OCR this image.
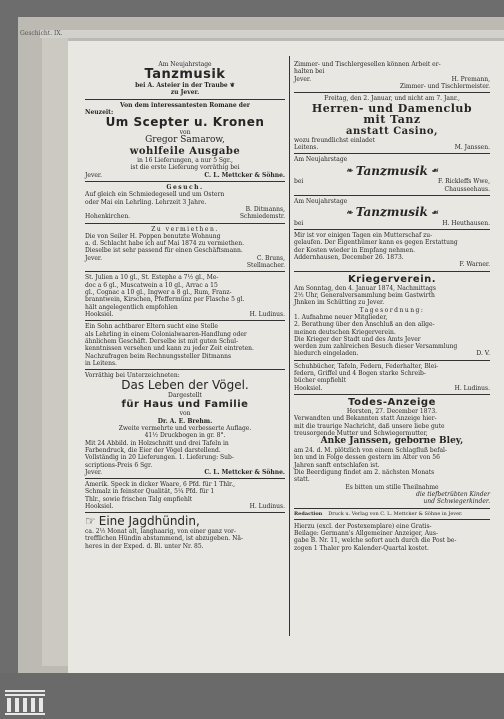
Geschicht. IX.

Am Neujahrstage

Tanzmusik

bei A. Asteier in der Traube ❦

zu Jever.

Von dem interessantesten Romane der

Neuzeit:

Um Scepter u. Kronen

von

Gregor Samarow,

wohlfeile Ausgabe

in 16 Lieferungen, a nur 5 Sgr.,

ist die erste Lieferung vorräthig bei

Jever.	C. L. Mettcker & Söhne.

Gesuch.

Auf gleich ein Schmiedegesell und um Ostern

oder Mai ein Lehrling. Lehrzeit 3 Jahre.

B. Ditmanns,

Hohenkirchen.	Schmiedemstr.

Zu vermiethen.

Die von Seiler H. Poppen benutzte Wohnung

a. d. Schlacht habe ich auf Mai 1874 zu vermiethen.

Dieselbe ist sehr passend für einen Geschäftsmann.

Jever.	C. Bruns,

Stellmacher.

St. Julien a 10 gl., St. Estephe a 7½ gl., Me-

doc a 6 gl., Muscatwein a 10 gl., Arrac a 15

gl., Cognac a 10 gl., Ingwer a 8 gl., Rum, Franz-

branntwein, Kirschen, Pfeffermünz per Flasche 5 gl.

hält angelegentlich empfohlen

Hooksiel.	H. Ludinus.

Ein Sohn achtbarer Eltern sucht eine Stelle

als Lehrling in einem Colonialwaaren-Handlung oder

ähnlichem Geschäft. Derselbe ist mit guten Schul-

kenntnissen versehen und kann zu jeder Zeit eintreten.

Nachzufragen beim Rechnungssteller Ditmanns

in Leitens.

Vorräthig bei Unterzeichneten:

Das Leben der Vögel.

Dargestellt

für Haus und Familie

von

Dr. A. E. Brehm.

Zweite vermehrte und verbesserte Auflage.

41½ Druckbogen in gr. 8°.

Mit 24 Abbild. in Holzschnitt und drei Tafeln in

Farbendruck, die Eier der Vögel darstellend.

Vollständig in 20 Lieferungen. 1. Lieferung: Sub-

scriptions-Preis 6 Sgr.

Jever.	C. L. Mettcker & Söhne.

Amerik. Speck in dicker Waare, 6 Pfd. für 1 Thlr.,

Schmalz in feinster Qualität, 5¼ Pfd. für 1

Thlr., sowie frischen Talg empfiehlt

Hooksiel.	H. Ludinus.

☞ Eine Jagdhündin,

ca. 2½ Monat alt, langhaarig, von einer ganz vor-

trefflichen Hündin abstammend, ist abzugeben. Nä-

heres in der Exped. d. Bl. unter Nr. 85.

Zimmer- und Tischlergesellen können Arbeit er-

halten bei

Jever.	H. Premann,

Zimmer- und Tischlermeister.

Freitag, den 2. Januar, und nicht am 7. Janr.,

Herren- und Damenclub

mit Tanz

anstatt Casino,

wozu freundlichst einladet

Leitens.	M. Janssen.

Am Neujahrstage

❧ Tanzmusik ☙
bei	F. Rickleffs Wwe,

Chausseehaus.

Am Neujahrstage

❧ Tanzmusik ☙
bei	H. Heuthausen.

Mir ist vor einigen Tagen ein Mutterschaf zu-

gelaufen. Der Eigenthümer kann es gegen Erstattung

der Kosten wieder in Empfang nehmen.

Addernhausen, December 26. 1873.

F. Warner.

Kriegerverein.

Am Sonntag, den 4. Januar 1874, Nachmittags

2½ Uhr, Generalversammlung beim Gastwirth

Jhnken im Schütting zu Jever.

Tagesordnung:

1. Aufnahme neuer Mitglieder,

2. Berathung über den Anschluß an den allge-

meinen deutschen Kriegerverein.

Die Krieger der Stadt und des Amts Jever

werden zum zahlreichen Besuch dieser Versammlung

hiedurch eingeladen.	D. V.

Schuhbücher, Tafeln, Federn, Federhalter, Blei-

federn, Griffel und 4 Bogen starke Schreib-

bücher empfiehlt

Hooksiel.	H. Ludinus.

Todes-Anzeige

Horsten, 27. December 1873.

Verwandten und Bekannten statt Anzeige hier-

mit die traurige Nachricht, daß unsere liebe gute

treusorgende Mutter und Schwiegermutter,

Anke Janssen, geborne Bley,

am 24. d. M. plötzlich von einem Schlagfluß befal-

len und in Folge dessen gestern im Alter von 56

Jahren sanft entschlafen ist.

Die Beerdigung findet am 2. nächsten Monats

statt.

Es bitten um stille Theilnahme

die tiefbetrübten Kinder

und Schwiegerkinder.

Redaction Druck u. Verlag von C. L. Mettcker & Söhne in Jever.

Hierzu (excl. der Postexemplare) eine Gratis-

Beilage: Germann's Allgemeiner Anzeiger, Aus-

gabe B. Nr. 11, welche sofort auch durch die Post be-

zogen 1 Thaler pro Kalender-Quartal kostet.
